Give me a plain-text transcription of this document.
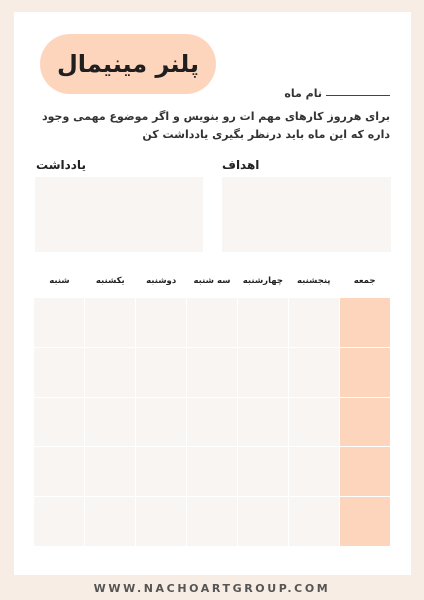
پلنر مینیمال
نام ماه
برای هرروز کارهای مهم ات رو بنویس و اگر موضوع مهمی وجود داره که این ماه باید درنظر بگیری یادداشت کن
یادداشت	اهداف
شنبه	یکشنبه	دوشنبه	سه شنبه	چهارشنبه	پنجشنبه	جمعه
WWW.NACHOARTGROUP.COM
